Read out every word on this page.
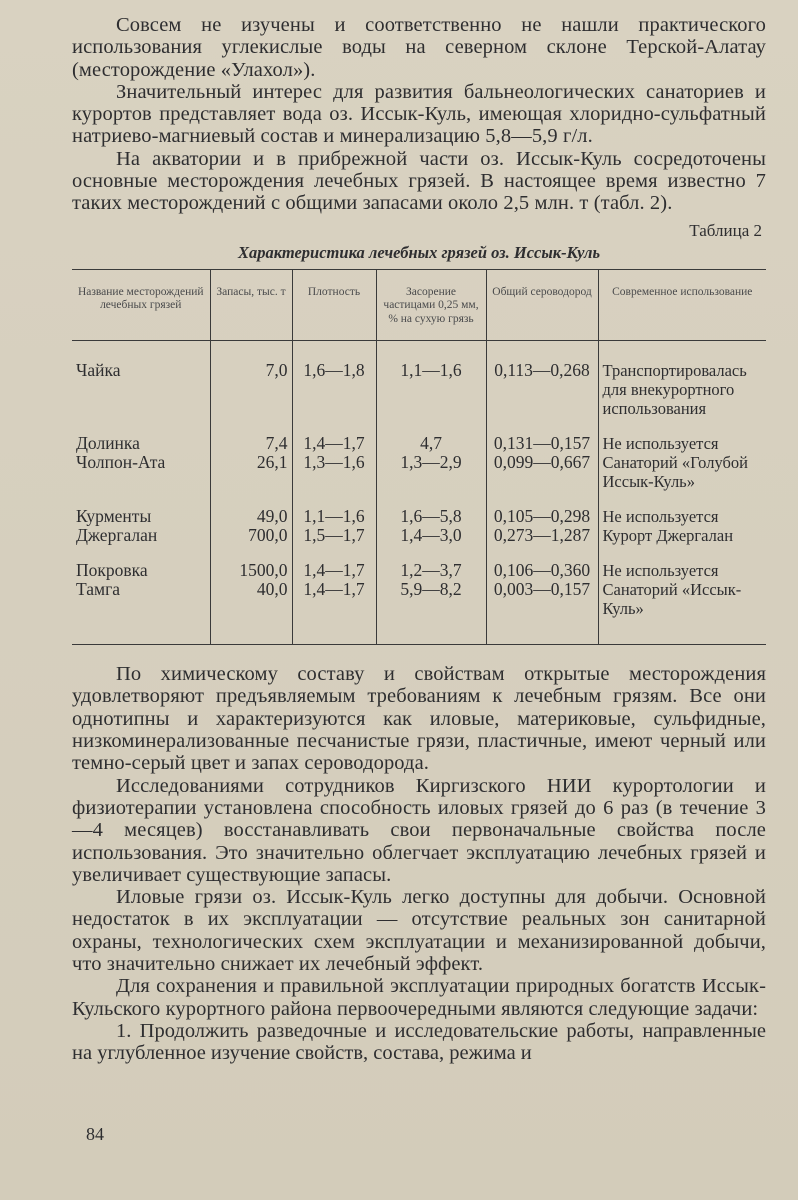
Совсем не изучены и соответственно не нашли практического использования углекислые воды на северном склоне Терской-Алатау (месторождение «Улахол»).

Значительный интерес для развития бальнеологических санаториев и курортов представляет вода оз. Иссык-Куль, имеющая хлоридно-сульфатный натриево-магниевый состав и минерализацию 5,8—5,9 г/л.

На акватории и в прибрежной части оз. Иссык-Куль сосредоточены основные месторождения лечебных грязей. В настоящее время известно 7 таких месторождений с общими запасами около 2,5 млн. т (табл. 2).

Таблица 2
Характеристика лечебных грязей оз. Иссык-Куль
Название месторождений лечебных грязей	Запасы, тыс. т	Плотность	Засорение частицами 0,25 мм, % на сухую грязь	Общий сероводород	Современное использование

Чайка	7,0	1,6—1,8	1,1—1,6	0,113—0,268	Транспортировалась для внекурортного использования

Долинка	7,4	1,4—1,7	4,7	0,131—0,157	Не используется
Чолпон-Ата	26,1	1,3—1,6	1,3—2,9	0,099—0,667	Санаторий «Голубой Иссык-Куль»

Курменты	49,0	1,1—1,6	1,6—5,8	0,105—0,298	Не используется
Джергалан	700,0	1,5—1,7	1,4—3,0	0,273—1,287	Курорт Джергалан

Покровка	1500,0	1,4—1,7	1,2—3,7	0,106—0,360	Не используется
Тамга	40,0	1,4—1,7	5,9—8,2	0,003—0,157	Санаторий «Иссык-Куль»

По химическому составу и свойствам открытые месторождения удовлетворяют предъявляемым требованиям к лечебным грязям. Все они однотипны и характеризуются как иловые, материковые, сульфидные, низкоминерализованные песчанистые грязи, пластичные, имеют черный или темно-серый цвет и запах сероводорода.

Исследованиями сотрудников Киргизского НИИ курортологии и физиотерапии установлена способность иловых грязей до 6 раз (в течение 3—4 месяцев) восстанавливать свои первоначальные свойства после использования. Это значительно облегчает эксплуатацию лечебных грязей и увеличивает существующие запасы.

Иловые грязи оз. Иссык-Куль легко доступны для добычи. Основной недостаток в их эксплуатации — отсутствие реальных зон санитарной охраны, технологических схем эксплуатации и механизированной добычи, что значительно снижает их лечебный эффект.

Для сохранения и правильной эксплуатации природных богатств Иссык-Кульского курортного района первоочередными являются следующие задачи:

1. Продолжить разведочные и исследовательские работы, направленные на углубленное изучение свойств, состава, режима и

84
